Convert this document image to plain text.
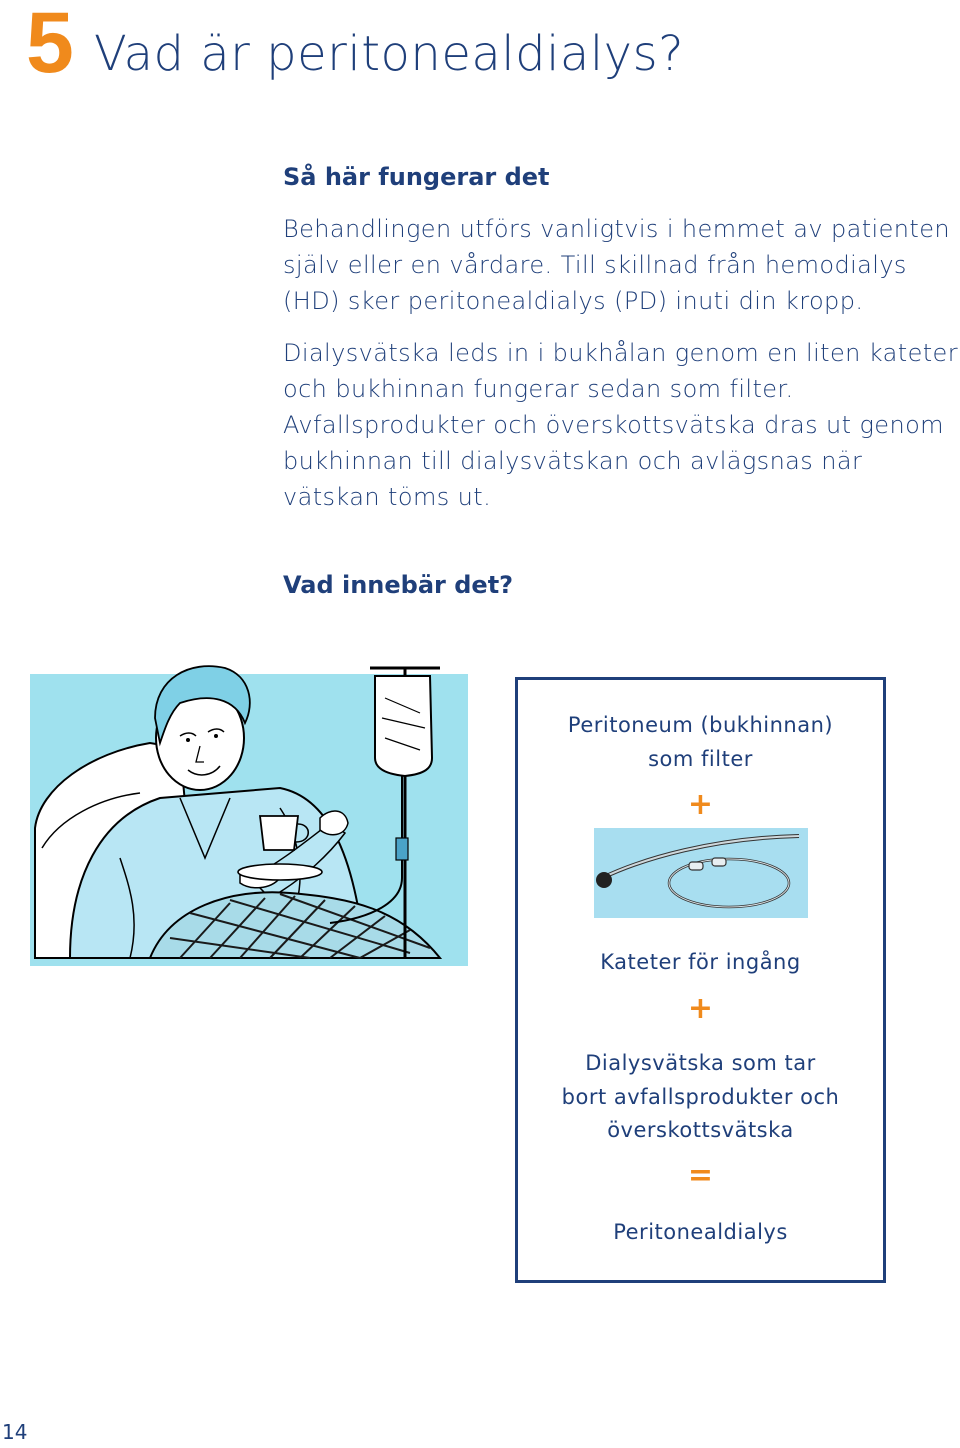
5 Vad är peritonealdialys?
Så här fungerar det
Behandlingen utförs vanligtvis i hemmet av patienten själv eller en vårdare. Till skillnad från hemodialys (HD) sker peritonealdialys (PD) inuti din kropp.
Dialysvätska leds in i bukhålan genom en liten kateter och bukhinnan fungerar sedan som filter. Avfallsprodukter och överskottsvätska dras ut genom bukhinnan till dialysvätskan och avlägsnas när vätskan töms ut.
Vad innebär det?
Peritoneum (bukhinnan)
som filter
+
Kateter för ingång
+
Dialysvätska som tar
bort avfallsprodukter och
överskottsvätska
=
Peritonealdialys
14
